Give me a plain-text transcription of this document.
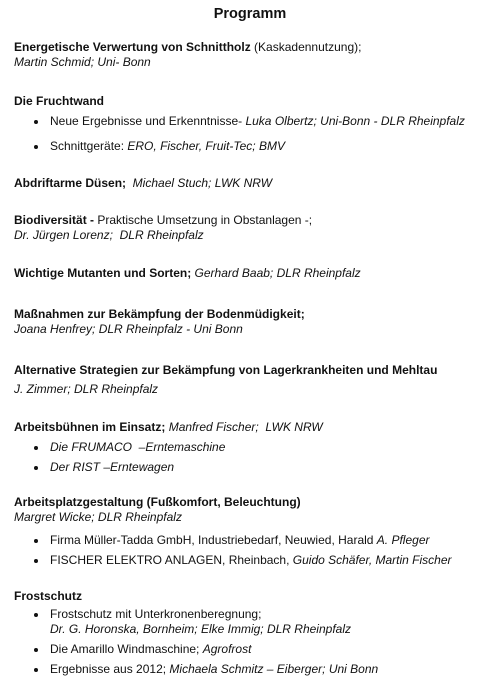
Programm
Energetische Verwertung von Schnittholz (Kaskadennutzung);
Martin Schmid; Uni- Bonn
Die Fruchtwand
Neue Ergebnisse und Erkenntnisse- Luka Olbertz; Uni-Bonn - DLR Rheinpfalz
Schnittgeräte: ERO, Fischer, Fruit-Tec; BMV
Abdriftarme Düsen;  Michael Stuch; LWK NRW
Biodiversität - Praktische Umsetzung in Obstanlagen -;
Dr. Jürgen Lorenz;  DLR Rheinpfalz
Wichtige Mutanten und Sorten; Gerhard Baab; DLR Rheinpfalz
Maßnahmen zur Bekämpfung der Bodenmüdigkeit;
Joana Henfrey; DLR Rheinpfalz - Uni Bonn
Alternative Strategien zur Bekämpfung von Lagerkrankheiten und Mehltau
J. Zimmer; DLR Rheinpfalz
Arbeitsbühnen im Einsatz; Manfred Fischer;  LWK NRW
Die FRUMACO  –Erntemaschine
Der RIST –Erntewagen
Arbeitsplatzgestaltung (Fußkomfort, Beleuchtung)
Margret Wicke; DLR Rheinpfalz
Firma Müller-Tadda GmbH, Industriebedarf, Neuwied, Harald A. Pfleger
FISCHER ELEKTRO ANLAGEN, Rheinbach, Guido Schäfer, Martin Fischer
Frostschutz
Frostschutz mit Unterkronenberegnung;
Dr. G. Horonska, Bornheim; Elke Immig; DLR Rheinpfalz
Die Amarillo Windmaschine; Agrofrost
Ergebnisse aus 2012; Michaela Schmitz – Eiberger; Uni Bonn
